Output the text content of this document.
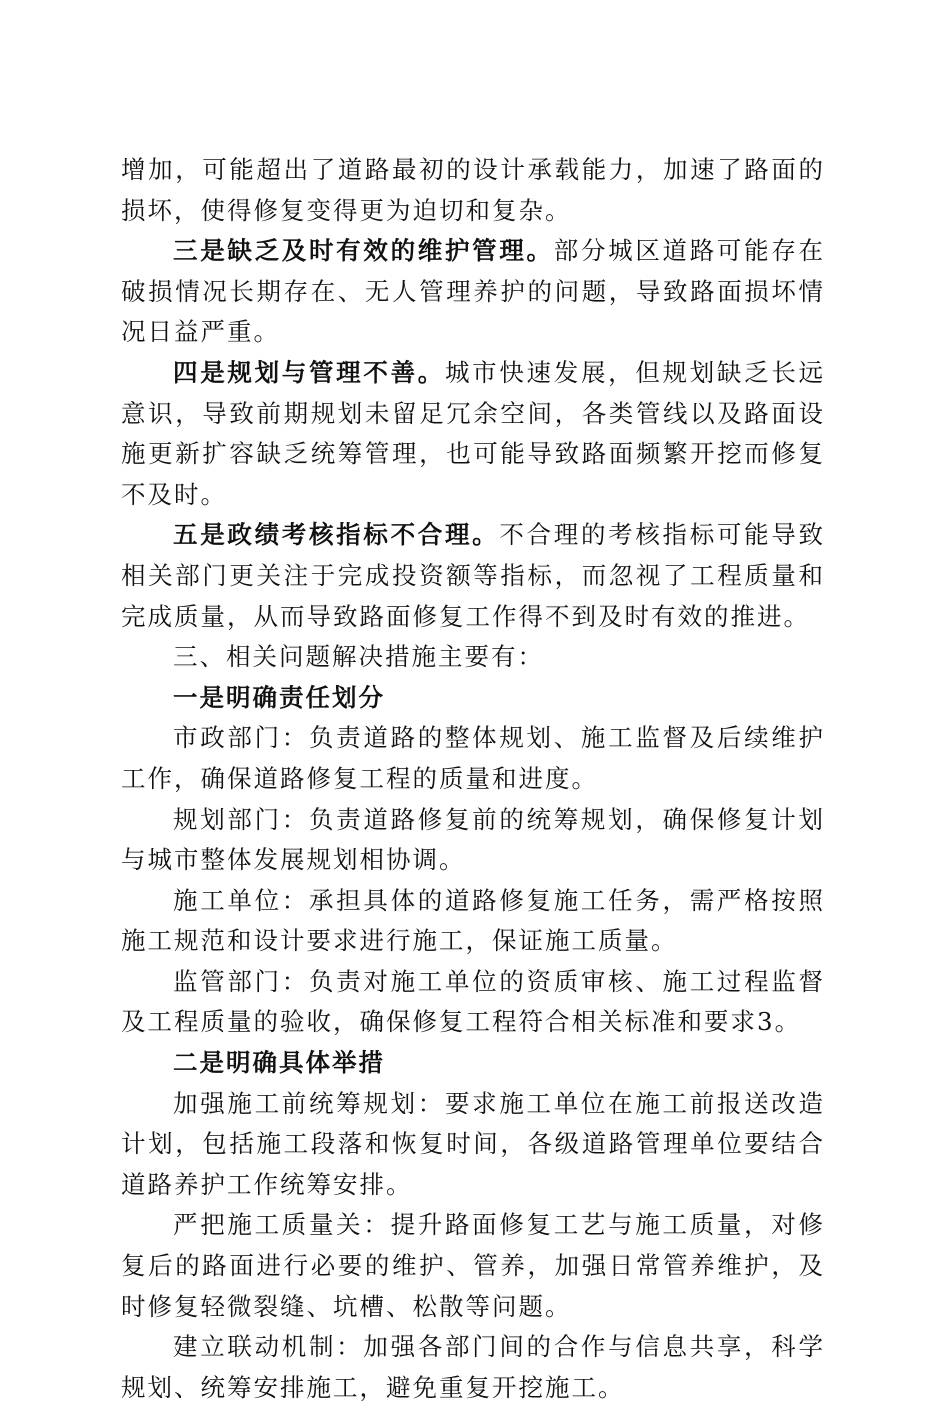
增加，可能超出了道路最初的设计承载能力，加速了路面的损坏，使得修复变得更为迫切和复杂。

三是缺乏及时有效的维护管理。部分城区道路可能存在破损情况长期存在、无人管理养护的问题，导致路面损坏情况日益严重。

四是规划与管理不善。城市快速发展，但规划缺乏长远意识，导致前期规划未留足冗余空间，各类管线以及路面设施更新扩容缺乏统筹管理，也可能导致路面频繁开挖而修复不及时。

五是政绩考核指标不合理。不合理的考核指标可能导致相关部门更关注于完成投资额等指标，而忽视了工程质量和完成质量，从而导致路面修复工作得不到及时有效的推进。

三、相关问题解决措施主要有：

一是明确责任划分

市政部门：负责道路的整体规划、施工监督及后续维护工作，确保道路修复工程的质量和进度。

规划部门：负责道路修复前的统筹规划，确保修复计划与城市整体发展规划相协调。

施工单位：承担具体的道路修复施工任务，需严格按照施工规范和设计要求进行施工，保证施工质量。

监管部门：负责对施工单位的资质审核、施工过程监督及工程质量的验收，确保修复工程符合相关标准和要求3。

二是明确具体举措

加强施工前统筹规划：要求施工单位在施工前报送改造计划，包括施工段落和恢复时间，各级道路管理单位要结合道路养护工作统筹安排。

严把施工质量关：提升路面修复工艺与施工质量，对修复后的路面进行必要的维护、管养，加强日常管养维护，及时修复轻微裂缝、坑槽、松散等问题。

建立联动机制：加强各部门间的合作与信息共享，科学规划、统筹安排施工，避免重复开挖施工。
